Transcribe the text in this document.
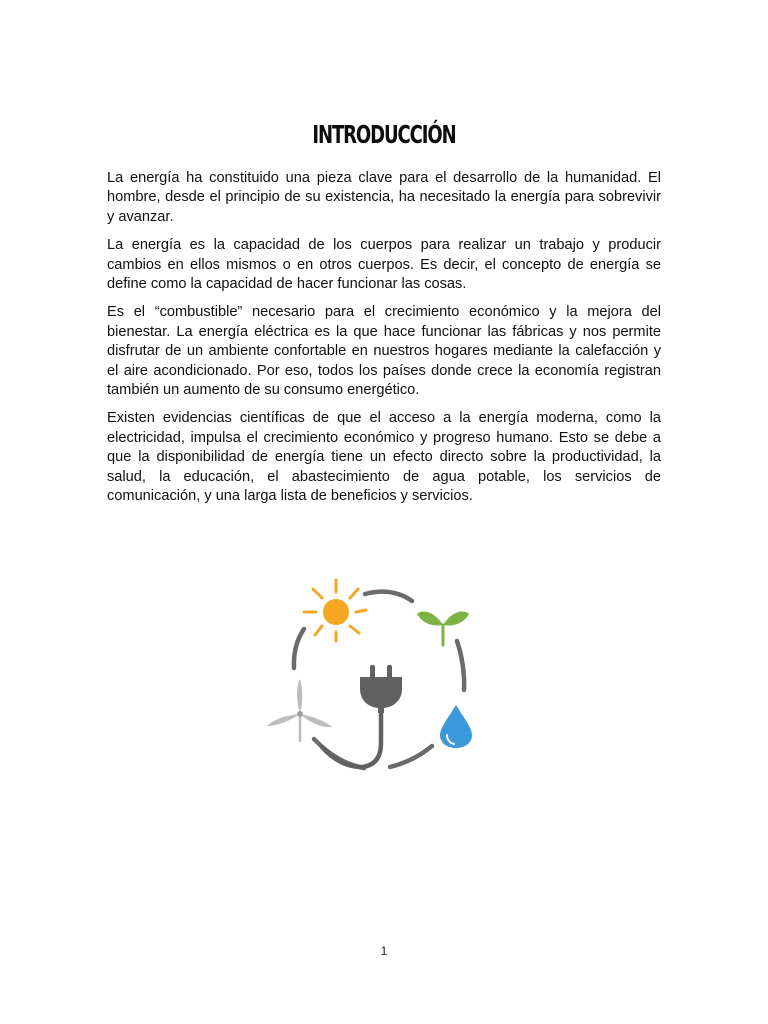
INTRODUCCIÓN

La energía ha constituido una pieza clave para el desarrollo de la humanidad. El hombre, desde el principio de su existencia, ha necesitado la energía para sobrevivir y avanzar.

La energía es la capacidad de los cuerpos para realizar un trabajo y producir cambios en ellos mismos o en otros cuerpos. Es decir, el concepto de energía se define como la capacidad de hacer funcionar las cosas.

Es el “combustible” necesario para el crecimiento económico y la mejora del bienestar. La energía eléctrica es la que hace funcionar las fábricas y nos permite disfrutar de un ambiente confortable en nuestros hogares mediante la calefacción y el aire acondicionado. Por eso, todos los países donde crece la economía registran también un aumento de su consumo energético.

Existen evidencias científicas de que el acceso a la energía moderna, como la electricidad, impulsa el crecimiento económico y progreso humano. Esto se debe a que la disponibilidad de energía tiene un efecto directo sobre la productividad, la salud, la educación, el abastecimiento de agua potable, los servicios de comunicación, y una larga lista de beneficios y servicios.

1
